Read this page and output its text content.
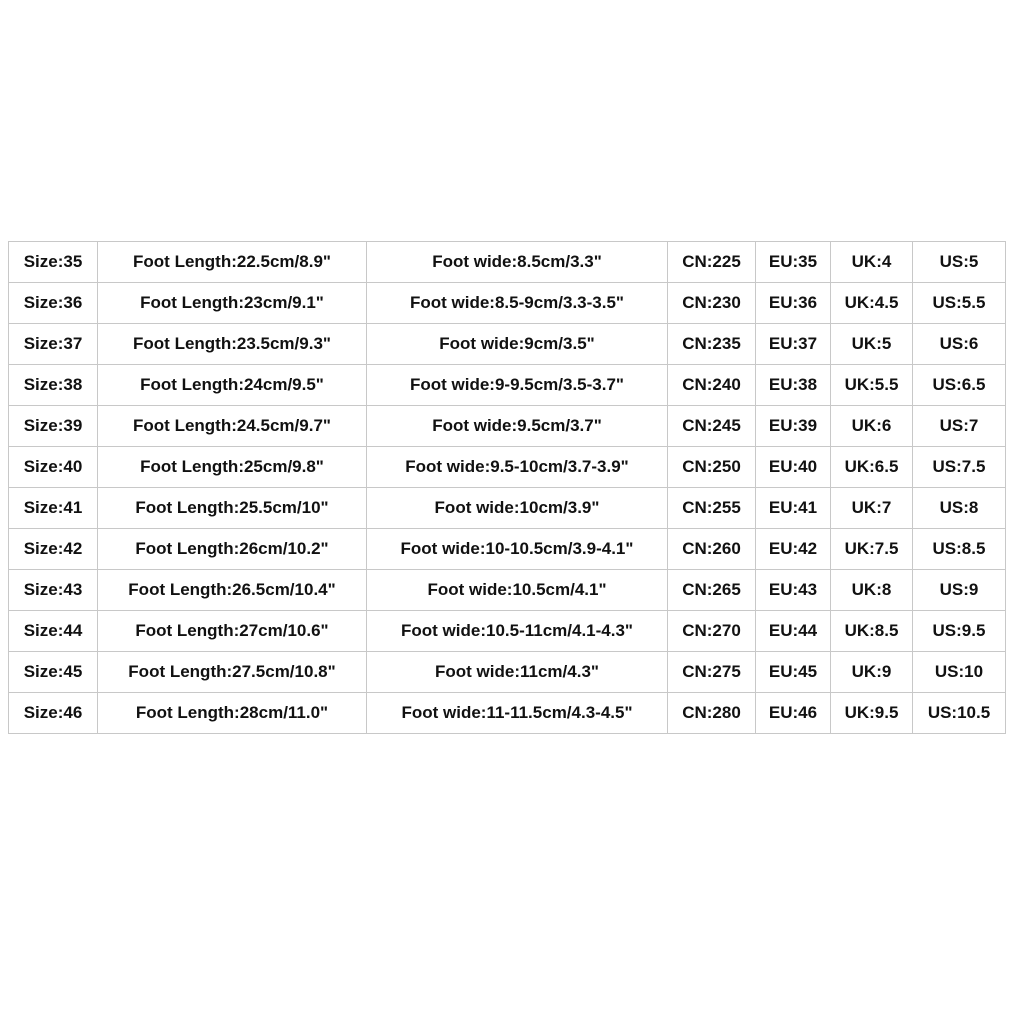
Size:35	Foot Length:22.5cm/8.9"	Foot wide:8.5cm/3.3"	CN:225	EU:35	UK:4	US:5
Size:36	Foot Length:23cm/9.1"	Foot wide:8.5-9cm/3.3-3.5"	CN:230	EU:36	UK:4.5	US:5.5
Size:37	Foot Length:23.5cm/9.3"	Foot wide:9cm/3.5"	CN:235	EU:37	UK:5	US:6
Size:38	Foot Length:24cm/9.5"	Foot wide:9-9.5cm/3.5-3.7"	CN:240	EU:38	UK:5.5	US:6.5
Size:39	Foot Length:24.5cm/9.7"	Foot wide:9.5cm/3.7"	CN:245	EU:39	UK:6	US:7
Size:40	Foot Length:25cm/9.8"	Foot wide:9.5-10cm/3.7-3.9"	CN:250	EU:40	UK:6.5	US:7.5
Size:41	Foot Length:25.5cm/10"	Foot wide:10cm/3.9"	CN:255	EU:41	UK:7	US:8
Size:42	Foot Length:26cm/10.2"	Foot wide:10-10.5cm/3.9-4.1"	CN:260	EU:42	UK:7.5	US:8.5
Size:43	Foot Length:26.5cm/10.4"	Foot wide:10.5cm/4.1"	CN:265	EU:43	UK:8	US:9
Size:44	Foot Length:27cm/10.6"	Foot wide:10.5-11cm/4.1-4.3"	CN:270	EU:44	UK:8.5	US:9.5
Size:45	Foot Length:27.5cm/10.8"	Foot wide:11cm/4.3"	CN:275	EU:45	UK:9	US:10
Size:46	Foot Length:28cm/11.0"	Foot wide:11-11.5cm/4.3-4.5"	CN:280	EU:46	UK:9.5	US:10.5
